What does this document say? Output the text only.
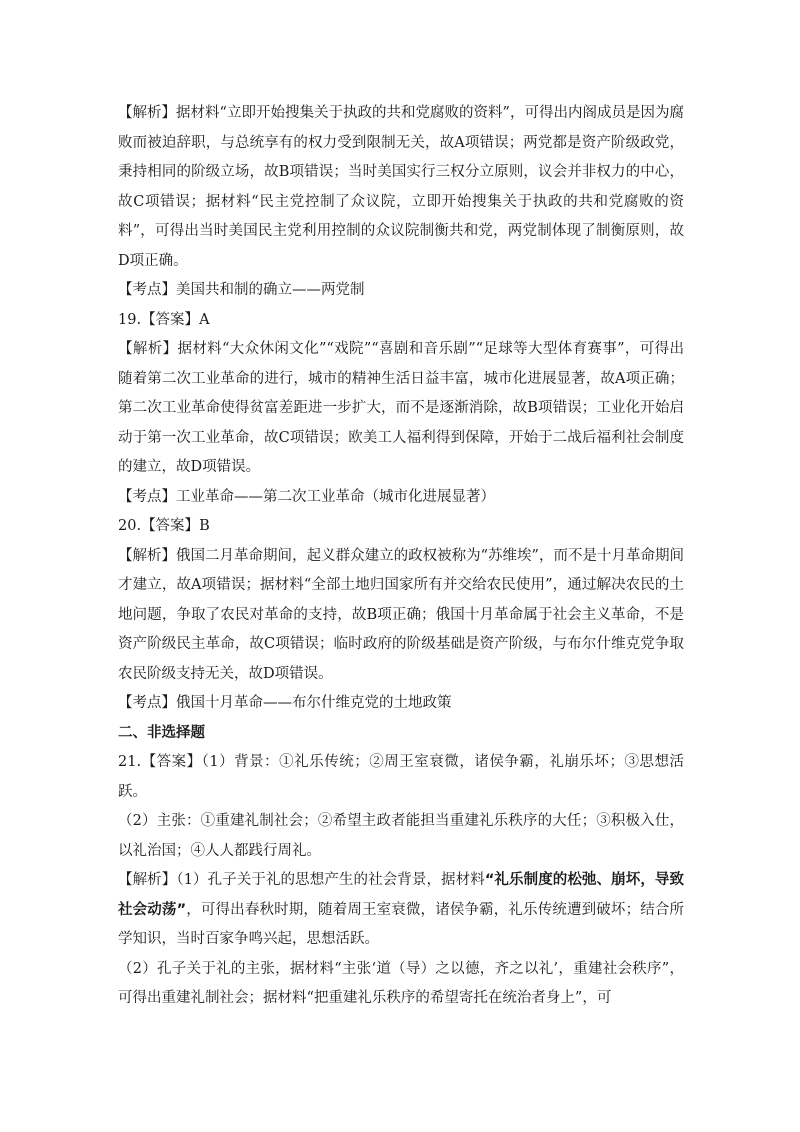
【解析】据材料“立即开始搜集关于执政的共和党腐败的资料”，可得出内阁成员是因为腐败而被迫辞职，与总统享有的权力受到限制无关，故A项错误；两党都是资产阶级政党，秉持相同的阶级立场，故B项错误；当时美国实行三权分立原则，议会并非权力的中心，故C项错误；据材料“民主党控制了众议院，立即开始搜集关于执政的共和党腐败的资料”，可得出当时美国民主党利用控制的众议院制衡共和党，两党制体现了制衡原则，故D项正确。

【考点】美国共和制的确立——两党制

19.【答案】A

【解析】据材料“大众休闲文化”“戏院”“喜剧和音乐剧”“足球等大型体育赛事”，可得出随着第二次工业革命的进行，城市的精神生活日益丰富，城市化进展显著，故A项正确；第二次工业革命使得贫富差距进一步扩大，而不是逐渐消除，故B项错误；工业化开始启动于第一次工业革命，故C项错误；欧美工人福利得到保障，开始于二战后福利社会制度的建立，故D项错误。

【考点】工业革命——第二次工业革命（城市化进展显著）

20.【答案】B

【解析】俄国二月革命期间，起义群众建立的政权被称为“苏维埃”，而不是十月革命期间才建立，故A项错误；据材料“全部土地归国家所有并交给农民使用”，通过解决农民的土地问题，争取了农民对革命的支持，故B项正确；俄国十月革命属于社会主义革命，不是资产阶级民主革命，故C项错误；临时政府的阶级基础是资产阶级，与布尔什维克党争取农民阶级支持无关，故D项错误。

【考点】俄国十月革命——布尔什维克党的土地政策

二、非选择题

21.【答案】（1）背景：①礼乐传统；②周王室衰微，诸侯争霸，礼崩乐坏；③思想活跃。

（2）主张：①重建礼制社会；②希望主政者能担当重建礼乐秩序的大任；③积极入仕，以礼治国；④人人都践行周礼。

【解析】（1）孔子关于礼的思想产生的社会背景，据材料“礼乐制度的松弛、崩坏，导致社会动荡”，可得出春秋时期，随着周王室衰微，诸侯争霸，礼乐传统遭到破坏；结合所学知识，当时百家争鸣兴起，思想活跃。

（2）孔子关于礼的主张，据材料“主张‘道（导）之以德，齐之以礼’，重建社会秩序”，可得出重建礼制社会；据材料“把重建礼乐秩序的希望寄托在统治者身上”，可
